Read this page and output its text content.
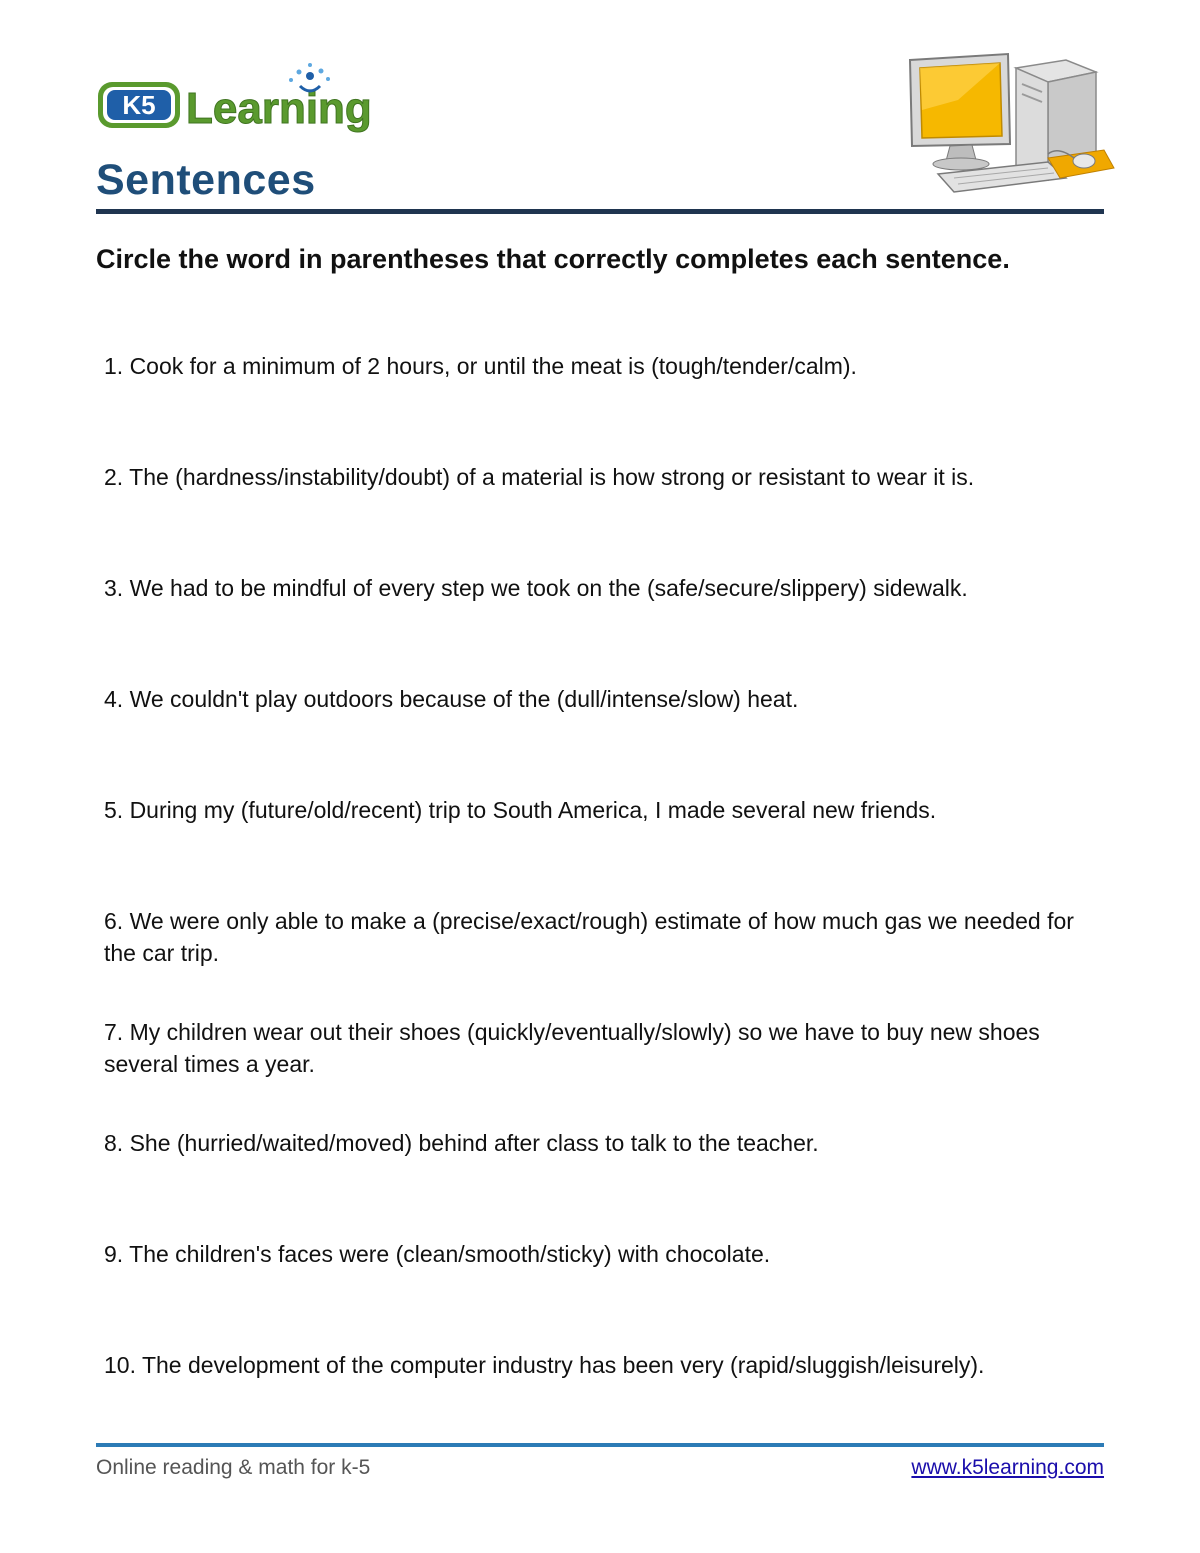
K5 Learning
Sentences

Circle the word in parentheses that correctly completes each sentence.

1. Cook for a minimum of 2 hours, or until the meat is (tough/tender/calm).

2. The (hardness/instability/doubt) of a material is how strong or resistant to wear it is.

3. We had to be mindful of every step we took on the (safe/secure/slippery) sidewalk.

4. We couldn't play outdoors because of the (dull/intense/slow) heat.

5. During my (future/old/recent) trip to South America, I made several new friends.

6. We were only able to make a (precise/exact/rough) estimate of how much gas we needed for the car trip.

7. My children wear out their shoes (quickly/eventually/slowly) so we have to buy new shoes several times a year.

8. She (hurried/waited/moved) behind after class to talk to the teacher.

9. The children's faces were (clean/smooth/sticky) with chocolate.

10. The development of the computer industry has been very (rapid/sluggish/leisurely).

Online reading & math for k-5	www.k5learning.com
